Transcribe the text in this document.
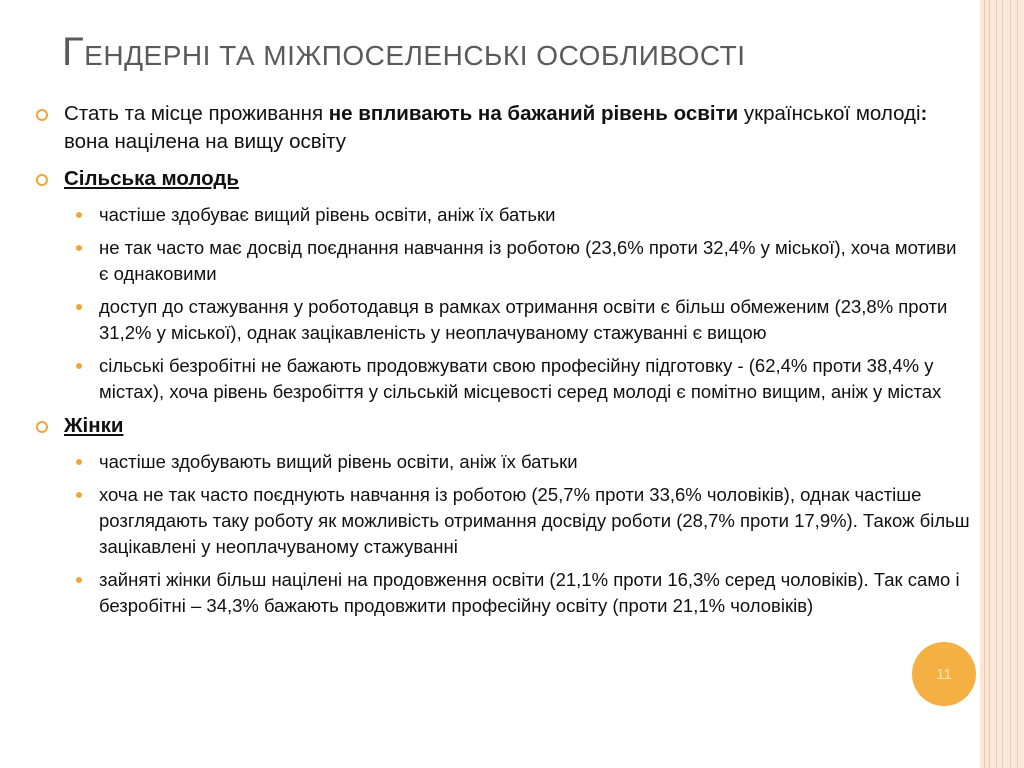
ГЕНДЕРНІ ТА МІЖПОСЕЛЕНСЬКІ ОСОБЛИВОСТІ
Стать та місце проживання не впливають на бажаний рівень освіти української молоді: вона націлена на вищу освіту
Сільська молодь
частіше здобуває вищий рівень освіти, аніж їх батьки
не так часто має досвід поєднання навчання із роботою (23,6% проти 32,4% у міської), хоча мотиви є однаковими
доступ до стажування у роботодавця в рамках отримання освіти є більш обмеженим (23,8% проти 31,2% у міської), однак зацікавленість у неоплачуваному стажуванні є вищою
сільські безробітні не бажають продовжувати свою професійну підготовку - (62,4% проти 38,4% у містах), хоча рівень безробіття у сільській місцевості серед молоді є помітно вищим, аніж у містах
Жінки
частіше здобувають вищий рівень освіти, аніж їх батьки
хоча не так часто поєднують навчання із роботою (25,7% проти 33,6% чоловіків), однак частіше розглядають таку роботу як можливість отримання досвіду роботи (28,7% проти 17,9%). Також більш зацікавлені у неоплачуваному стажуванні
зайняті жінки більш націлені на продовження освіти (21,1% проти 16,3% серед чоловіків). Так само і безробітні – 34,3% бажають продовжити професійну освіту (проти 21,1% чоловіків)
11
